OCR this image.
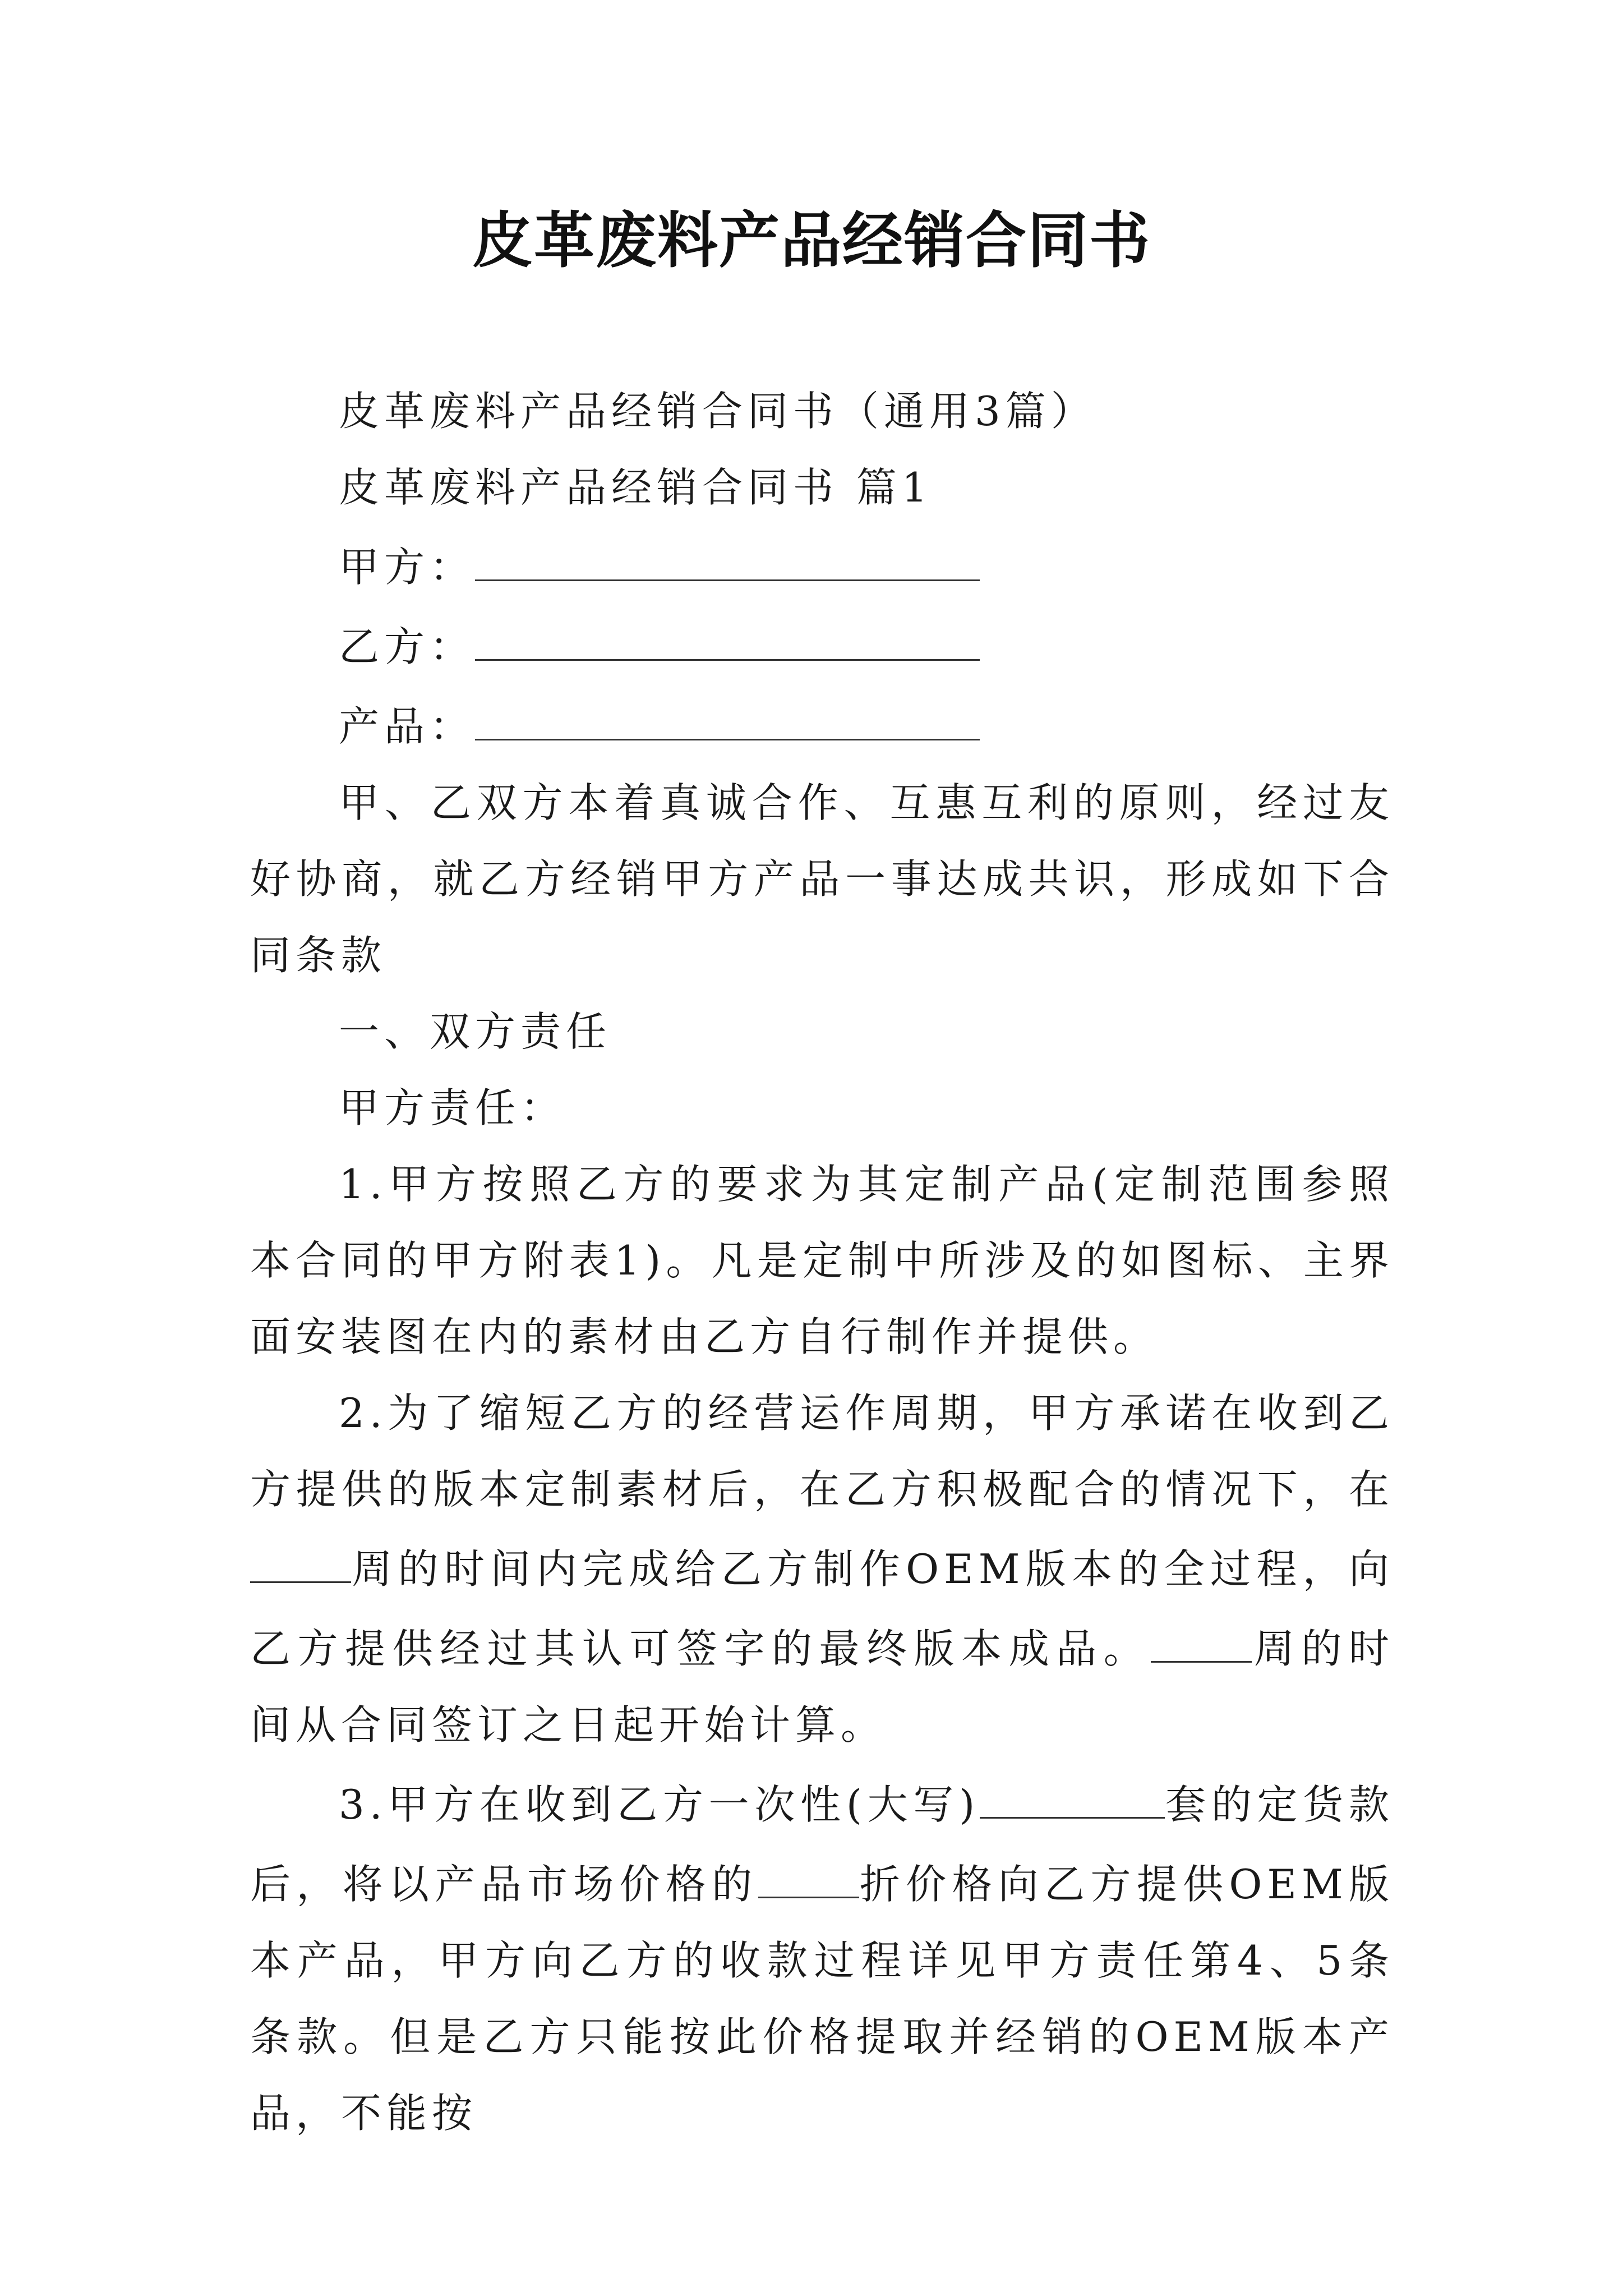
皮革废料产品经销合同书

皮革废料产品经销合同书（通用3篇）

皮革废料产品经销合同书 篇1

甲方：

乙方：

产品：

甲、乙双方本着真诚合作、互惠互利的原则，经过友好协商，就乙方经销甲方产品一事达成共识，形成如下合同条款

一、双方责任

甲方责任：

1.甲方按照乙方的要求为其定制产品(定制范围参照本合同的甲方附表1)。凡是定制中所涉及的如图标、主界面安装图在内的素材由乙方自行制作并提供。

2.为了缩短乙方的经营运作周期，甲方承诺在收到乙方提供的版本定制素材后，在乙方积极配合的情况下，在周的时间内完成给乙方制作OEM版本的全过程，向乙方提供经过其认可签字的最终版本成品。	周的时间从合同签订之日起开始计算。

3.甲方在收到乙方一次性(大写)	套的定货款后，将以产品市场价格的	折价格向乙方提供OEM版本产品，甲方向乙方的收款过程详见甲方责任第4、5条条款。但是乙方只能按此价格提取并经销的OEM版本产品，不能按
